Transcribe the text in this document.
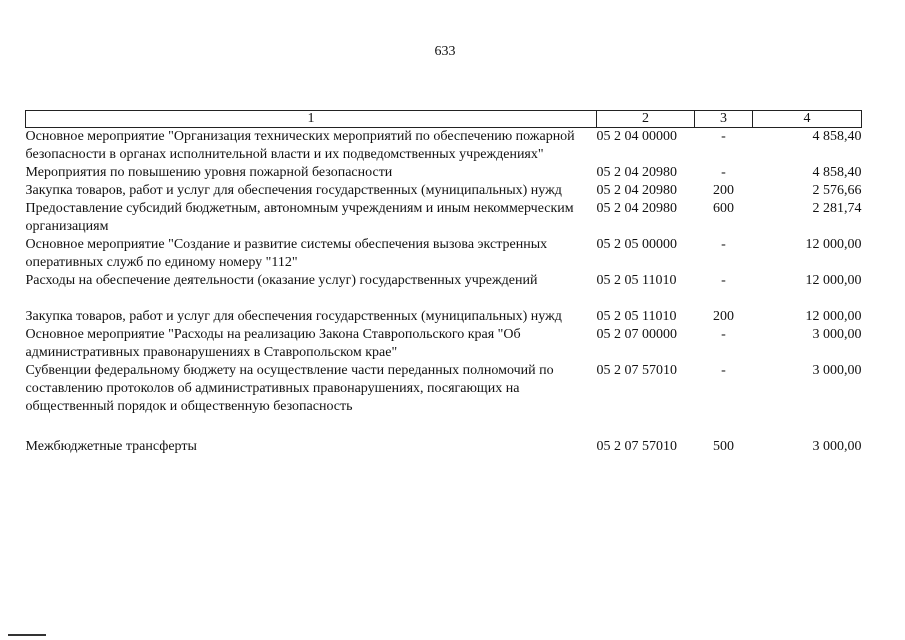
633
1	2	3	4
Основное мероприятие "Организация технических мероприятий по обеспечению пожарной безопасности в органах исполнительной власти и их подведомственных учреждениях"	05 2 04 00000	-	4 858,40
Мероприятия по повышению уровня пожарной безопасности	05 2 04 20980	-	4 858,40
Закупка товаров, работ и услуг для обеспечения государственных (муниципальных) нужд	05 2 04 20980	200	2 576,66
Предоставление субсидий бюджетным, автономным учреждениям и иным некоммерческим организациям	05 2 04 20980	600	2 281,74
Основное мероприятие "Создание и развитие системы обеспечения вызова экстренных оперативных служб по единому номеру "112"	05 2 05 00000	-	12 000,00
Расходы на обеспечение деятельности (оказание услуг) государственных учреждений	05 2 05 11010	-	12 000,00
Закупка товаров, работ и услуг для обеспечения государственных (муниципальных) нужд	05 2 05 11010	200	12 000,00
Основное мероприятие "Расходы на реализацию Закона Ставропольского края "Об административных правонарушениях в Ставропольском крае"	05 2 07 00000	-	3 000,00
Субвенции федеральному бюджету на осуществление части переданных полномочий по составлению протоколов об административных правонарушениях, посягающих на общественный порядок и общественную безопасность	05 2 07 57010	-	3 000,00
Межбюджетные трансферты	05 2 07 57010	500	3 000,00
